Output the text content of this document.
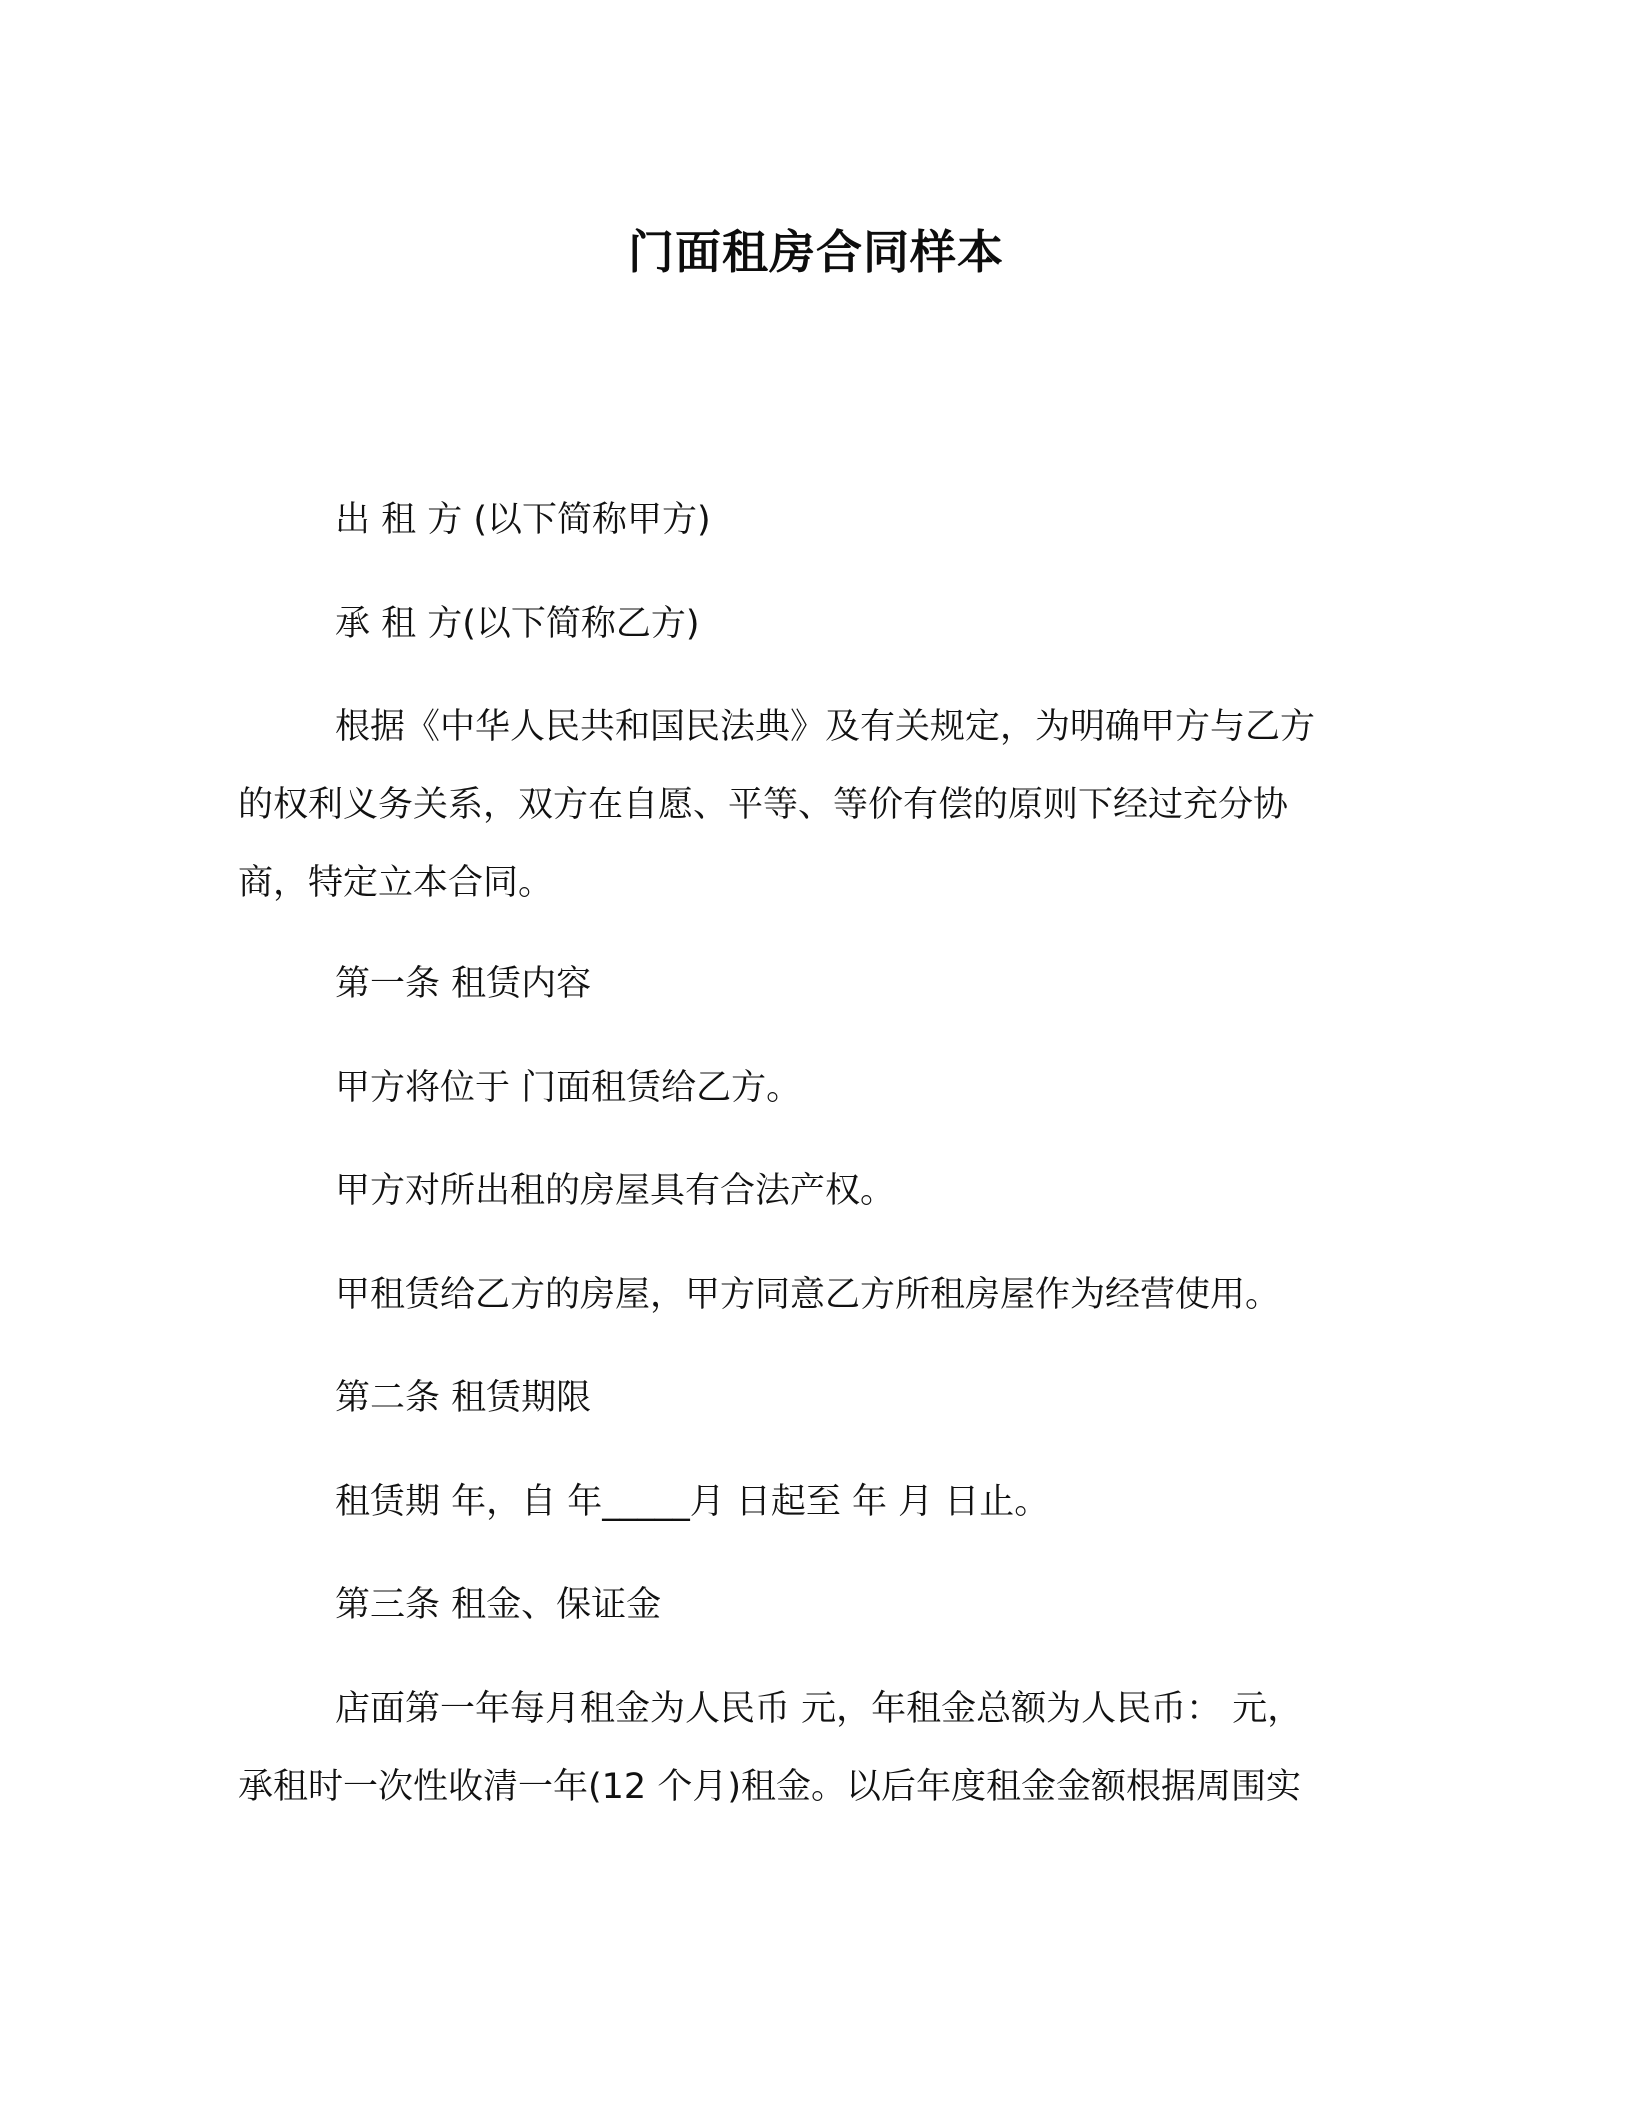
门面租房合同样本
出 租 方 (以下简称甲方)
承 租 方(以下简称乙方)
根据《中华人民共和国民法典》及有关规定，为明确甲方与乙方
的权利义务关系，双方在自愿、平等、等价有偿的原则下经过充分协
商，特定立本合同。
第一条 租赁内容
甲方将位于 门面租赁给乙方。
甲方对所出租的房屋具有合法产权。
甲租赁给乙方的房屋，甲方同意乙方所租房屋作为经营使用。
第二条 租赁期限
租赁期 年，自 年_____月 日起至 年 月 日止。
第三条 租金、保证金
店面第一年每月租金为人民币 元，年租金总额为人民币： 元，
承租时一次性收清一年(12 个月)租金。以后年度租金金额根据周围实
